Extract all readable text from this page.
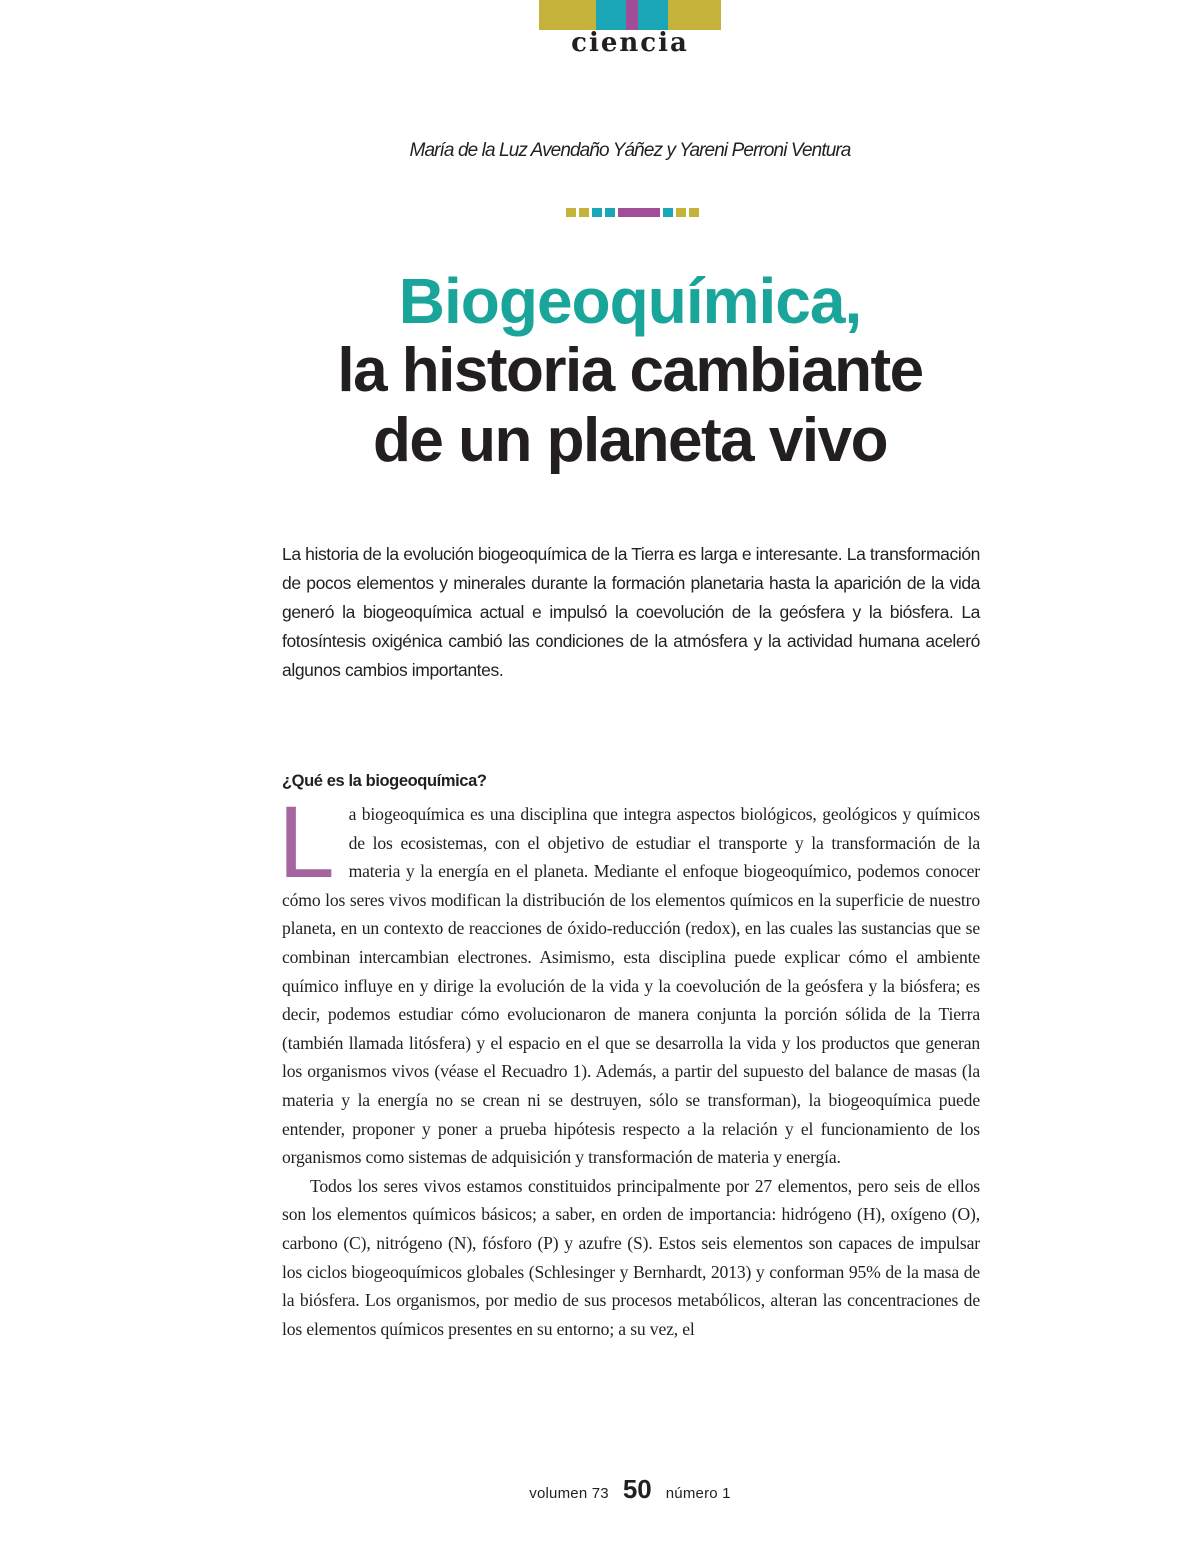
ciencia
María de la Luz Avendaño Yáñez y Yareni Perroni Ventura
Biogeoquímica,
la historia cambiante
de un planeta vivo

La historia de la evolución biogeoquímica de la Tierra es larga e interesante. La transformación de pocos elementos y minerales durante la formación planetaria hasta la aparición de la vida generó la biogeoquímica actual e impulsó la coevolución de la geósfera y la biósfera. La fotosíntesis oxigénica cambió las condiciones de la atmósfera y la actividad humana aceleró algunos cambios importantes.

¿Qué es la biogeoquímica?

La biogeoquímica es una disciplina que integra aspectos biológicos, geológicos y químicos de los ecosistemas, con el objetivo de estudiar el transporte y la transformación de la materia y la energía en el planeta. Mediante el enfoque biogeoquímico, podemos conocer cómo los seres vivos modifican la distribución de los elementos químicos en la superficie de nuestro planeta, en un contexto de reacciones de óxido-reducción (redox), en las cuales las sustancias que se combinan intercambian electrones. Asimismo, esta disciplina puede explicar cómo el ambiente químico influye en y dirige la evolución de la vida y la coevolución de la geósfera y la biósfera; es decir, podemos estudiar cómo evolucionaron de manera conjunta la porción sólida de la Tierra (también llamada litósfera) y el espacio en el que se desarrolla la vida y los productos que generan los organismos vivos (véase el Recuadro 1). Además, a partir del supuesto del balance de masas (la materia y la energía no se crean ni se destruyen, sólo se transforman), la biogeoquímica puede entender, proponer y poner a prueba hipótesis respecto a la relación y el funcionamiento de los organismos como sistemas de adquisición y transformación de materia y energía.

Todos los seres vivos estamos constituidos principalmente por 27 elementos, pero seis de ellos son los elementos químicos básicos; a saber, en orden de importancia: hidrógeno (H), oxígeno (O), carbono (C), nitrógeno (N), fósforo (P) y azufre (S). Estos seis elementos son capaces de impulsar los ciclos biogeoquímicos globales (Schlesinger y Bernhardt, 2013) y conforman 95% de la masa de la biósfera. Los organismos, por medio de sus procesos metabólicos, alteran las concentraciones de los elementos químicos presentes en su entorno; a su vez, el

volumen 73 50 número 1
